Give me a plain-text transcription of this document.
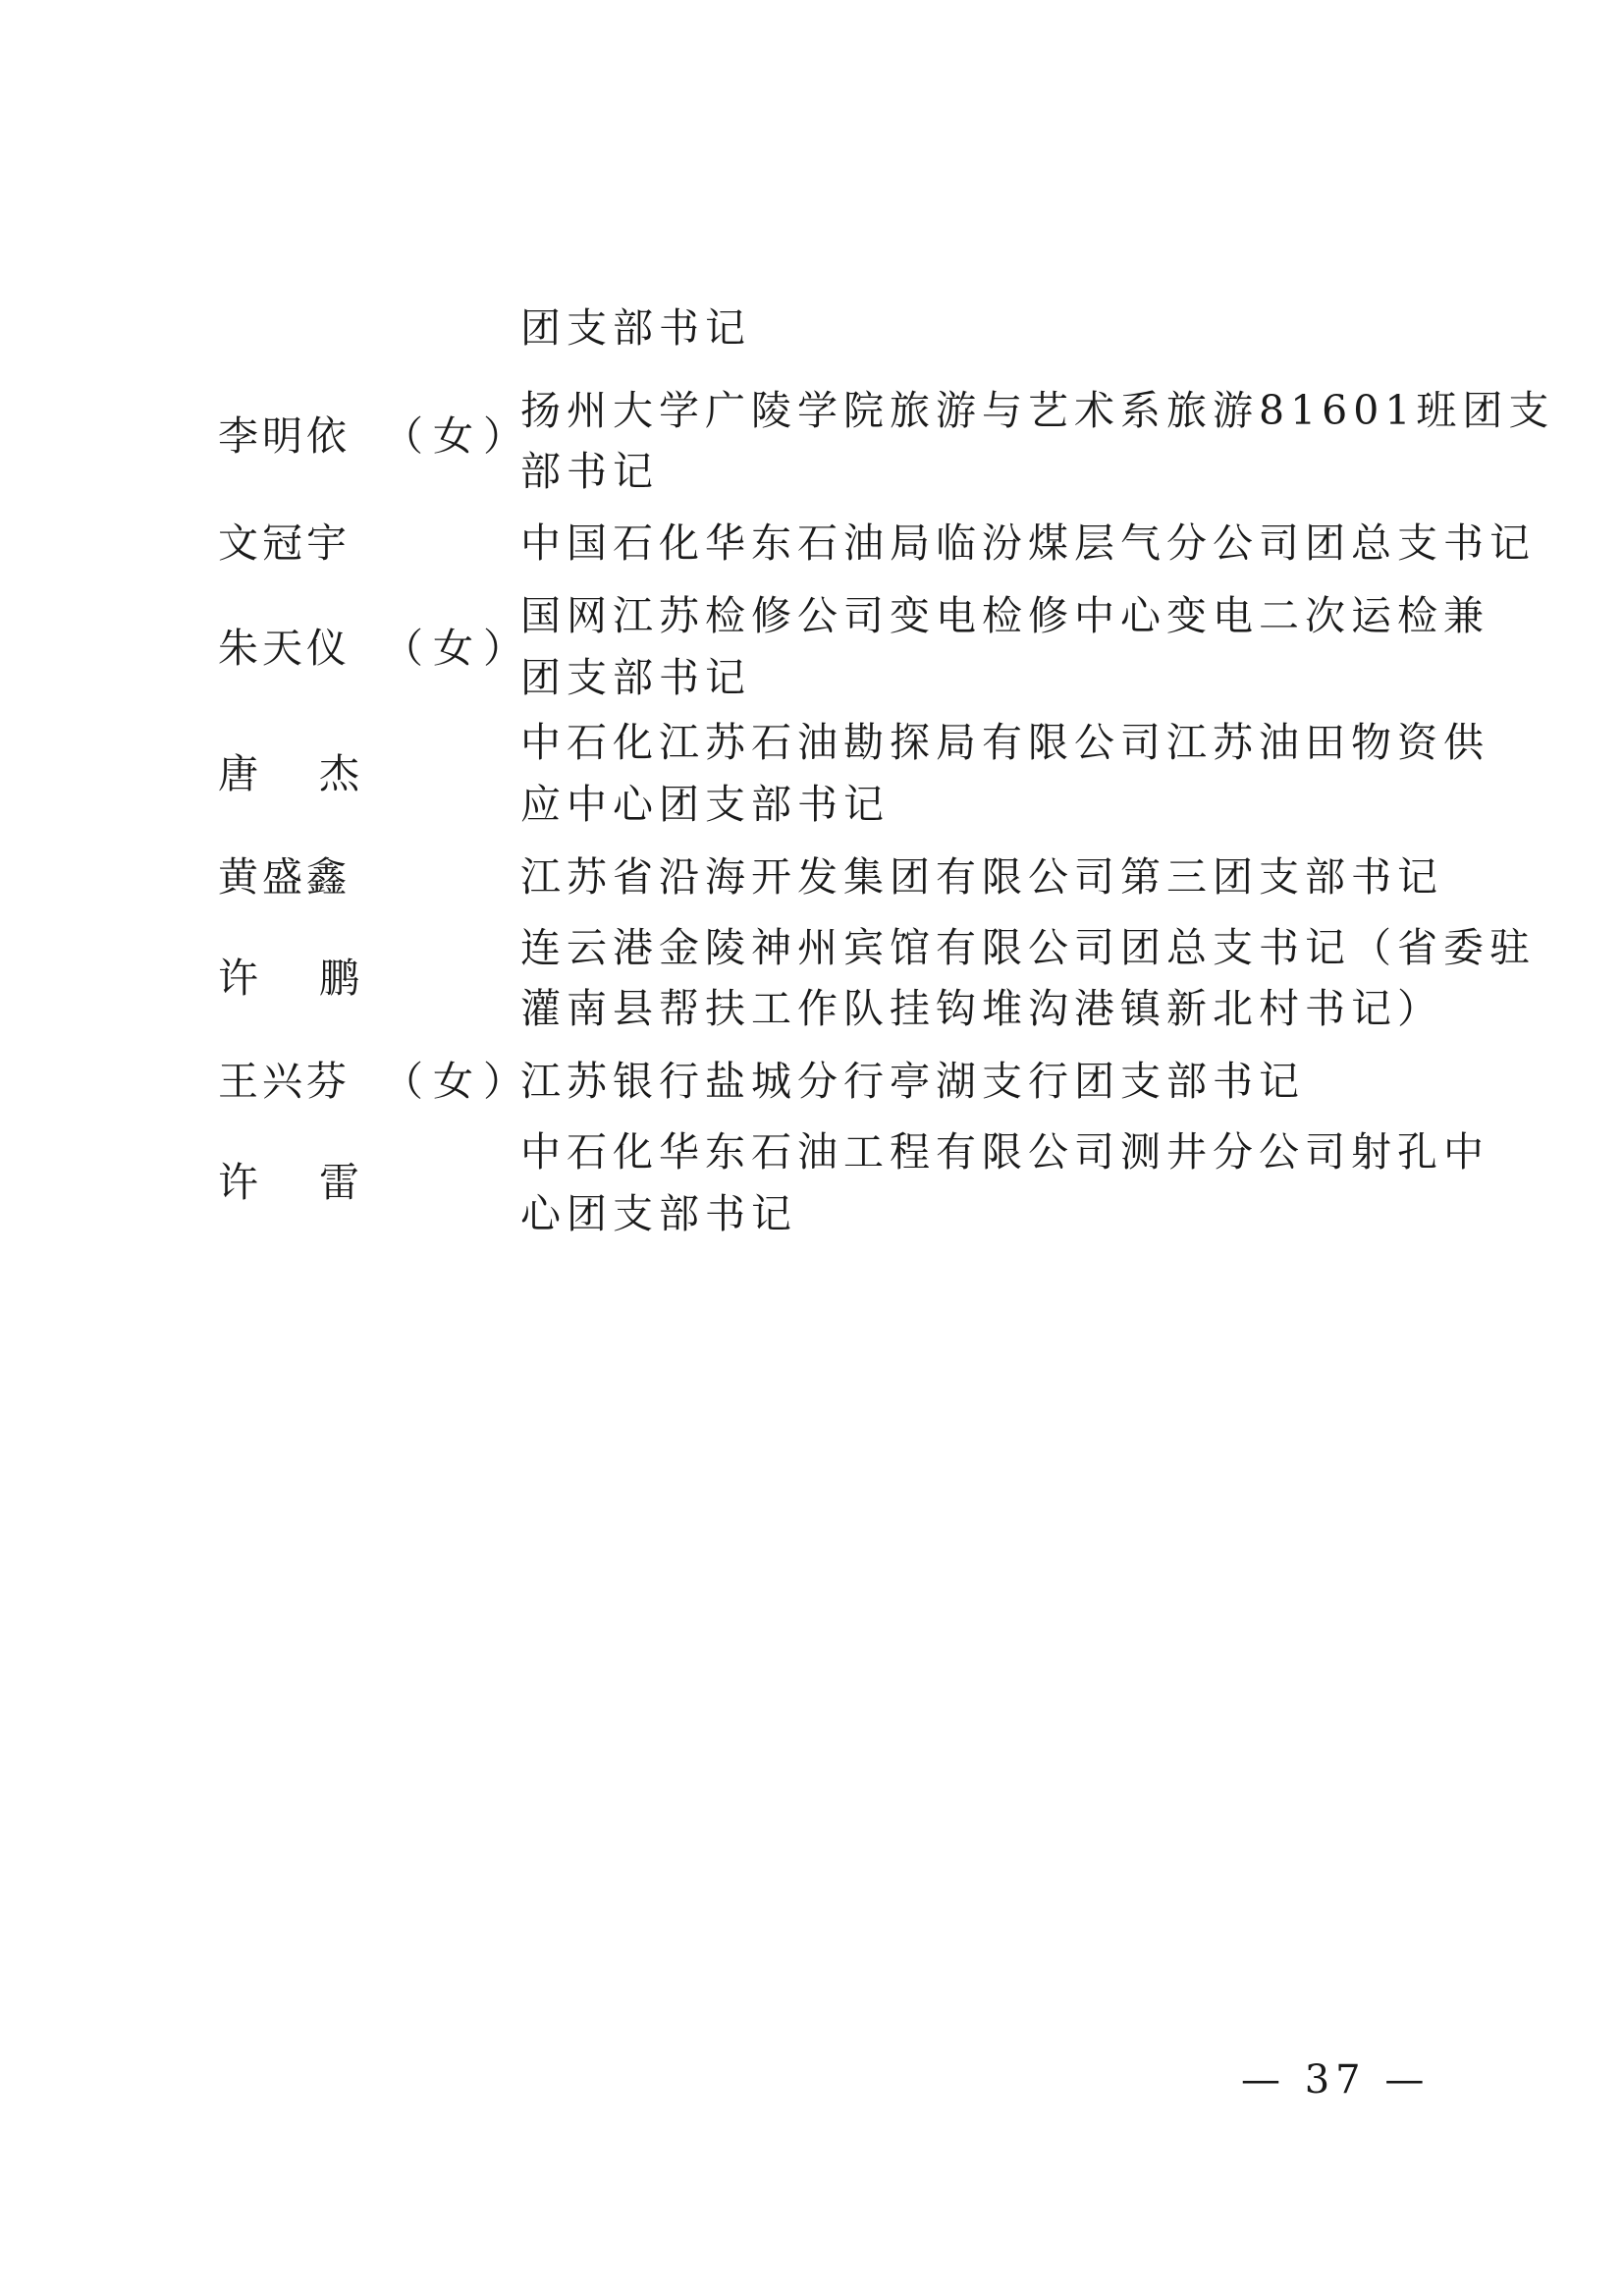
团支部书记
李明依 （女）
扬州大学广陵学院旅游与艺术系旅游81601班团支
部书记
文冠宇	中国石化华东石油局临汾煤层气分公司团总支书记
朱天仪 （女）
国网江苏检修公司变电检修中心变电二次运检兼
团支部书记
唐杰
中石化江苏石油勘探局有限公司江苏油田物资供
应中心团支部书记
黄盛鑫	江苏省沿海开发集团有限公司第三团支部书记
许鹏
连云港金陵神州宾馆有限公司团总支书记（省委驻
灌南县帮扶工作队挂钩堆沟港镇新北村书记）
王兴芬 （女）
江苏银行盐城分行亭湖支行团支部书记
许雷
中石化华东石油工程有限公司测井分公司射孔中
心团支部书记
— 37 —
